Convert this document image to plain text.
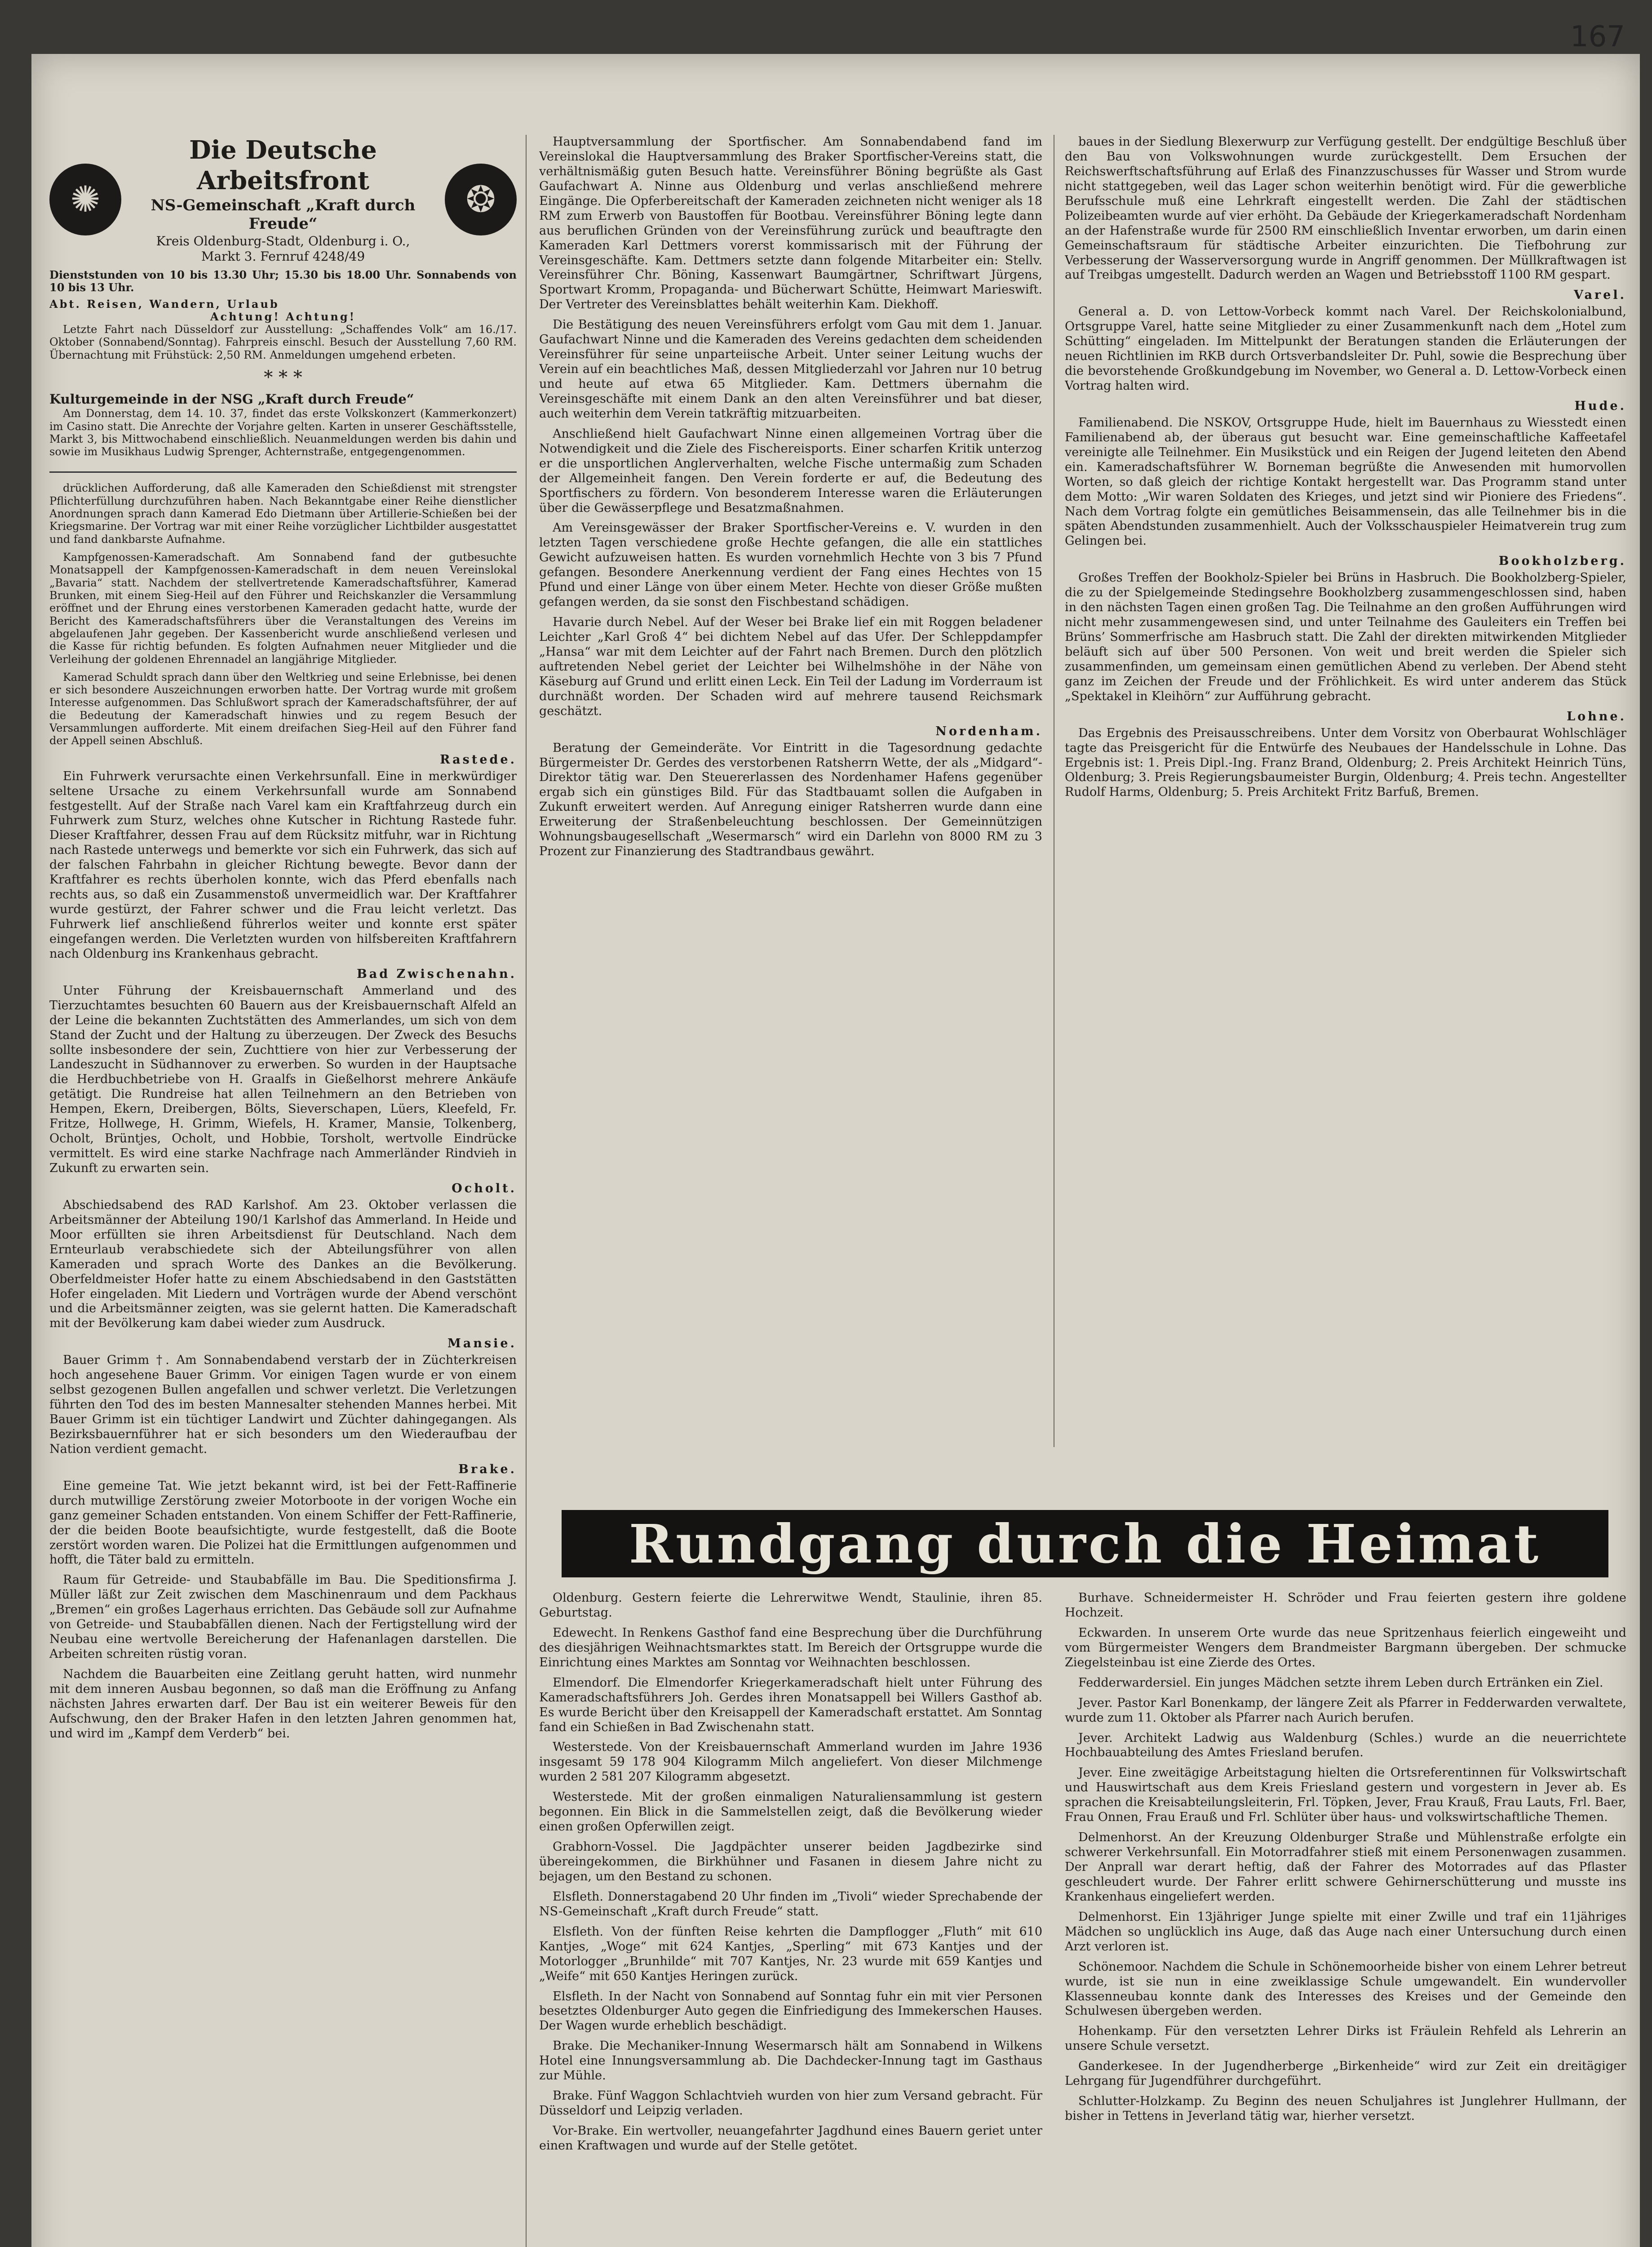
167
✺
Die Deutsche Arbeitsfront
NS-Gemeinschaft „Kraft durch Freude“
Kreis Oldenburg-Stadt, Oldenburg i. O.,
Markt 3. Fernruf 4248/49
❂
Dienststunden von 10 bis 13.30 Uhr; 15.30 bis 18.00 Uhr. Sonnabends von 10 bis 13 Uhr.
Abt. Reisen, Wandern, Urlaub
Achtung! Achtung!

Letzte Fahrt nach Düsseldorf zur Ausstellung: „Schaffendes Volk“ am 16./17. Oktober (Sonnabend/Sonntag). Fahrpreis einschl. Besuch der Ausstellung 7,60 RM. Übernachtung mit Frühstück: 2,50 RM. Anmeldungen umgehend erbeten.

* * *
Kulturgemeinde in der NSG „Kraft durch Freude“

Am Donnerstag, dem 14. 10. 37, findet das erste Volkskonzert (Kammerkonzert) im Casino statt. Die Anrechte der Vorjahre gelten. Karten in unserer Geschäftsstelle, Markt 3, bis Mittwochabend einschließlich. Neuanmeldungen werden bis dahin und sowie im Musikhaus Ludwig Sprenger, Achternstraße, entgegengenommen.

drücklichen Aufforderung, daß alle Kameraden den Schießdienst mit strengster Pflichterfüllung durchzuführen haben. Nach Bekanntgabe einer Reihe dienstlicher Anordnungen sprach dann Kamerad Edo Dietmann über Artillerie-Schießen bei der Kriegsmarine. Der Vortrag war mit einer Reihe vorzüglicher Lichtbilder ausgestattet und fand dankbarste Aufnahme.

Kampfgenossen-Kameradschaft. Am Sonnabend fand der gutbesuchte Monatsappell der Kampfgenossen-Kameradschaft in dem neuen Vereinslokal „Bavaria“ statt. Nachdem der stellvertretende Kameradschaftsführer, Kamerad Brunken, mit einem Sieg-Heil auf den Führer und Reichskanzler die Versammlung eröffnet und der Ehrung eines verstorbenen Kameraden gedacht hatte, wurde der Bericht des Kameradschaftsführers über die Veranstaltungen des Vereins im abgelaufenen Jahr gegeben. Der Kassenbericht wurde anschließend verlesen und die Kasse für richtig befunden. Es folgten Aufnahmen neuer Mitglieder und die Verleihung der goldenen Ehrennadel an langjährige Mitglieder.

Kamerad Schuldt sprach dann über den Weltkrieg und seine Erlebnisse, bei denen er sich besondere Auszeichnungen erworben hatte. Der Vortrag wurde mit großem Interesse aufgenommen. Das Schlußwort sprach der Kameradschaftsführer, der auf die Bedeutung der Kameradschaft hinwies und zu regem Besuch der Versammlungen aufforderte. Mit einem dreifachen Sieg-Heil auf den Führer fand der Appell seinen Abschluß.

Rastede.

Ein Fuhrwerk verursachte einen Verkehrsunfall. Eine in merkwürdiger seltene Ursache zu einem Verkehrsunfall wurde am Sonnabend festgestellt. Auf der Straße nach Varel kam ein Kraftfahrzeug durch ein Fuhrwerk zum Sturz, welches ohne Kutscher in Richtung Rastede fuhr. Dieser Kraftfahrer, dessen Frau auf dem Rücksitz mitfuhr, war in Richtung nach Rastede unterwegs und bemerkte vor sich ein Fuhrwerk, das sich auf der falschen Fahrbahn in gleicher Richtung bewegte. Bevor dann der Kraftfahrer es rechts überholen konnte, wich das Pferd ebenfalls nach rechts aus, so daß ein Zusammenstoß unvermeidlich war. Der Kraftfahrer wurde gestürzt, der Fahrer schwer und die Frau leicht verletzt. Das Fuhrwerk lief anschließend führerlos weiter und konnte erst später eingefangen werden. Die Verletzten wurden von hilfsbereiten Kraftfahrern nach Oldenburg ins Krankenhaus gebracht.

Bad Zwischenahn.

Unter Führung der Kreisbauernschaft Ammerland und des Tierzuchtamtes besuchten 60 Bauern aus der Kreisbauernschaft Alfeld an der Leine die bekannten Zuchtstätten des Ammerlandes, um sich von dem Stand der Zucht und der Haltung zu überzeugen. Der Zweck des Besuchs sollte insbesondere der sein, Zuchttiere von hier zur Verbesserung der Landeszucht in Südhannover zu erwerben. So wurden in der Hauptsache die Herdbuchbetriebe von H. Graalfs in Gießelhorst mehrere Ankäufe getätigt. Die Rundreise hat allen Teilnehmern an den Betrieben von Hempen, Ekern, Dreibergen, Bölts, Sieverschapen, Lüers, Kleefeld, Fr. Fritze, Hollwege, H. Grimm, Wiefels, H. Kramer, Mansie, Tolkenberg, Ocholt, Brüntjes, Ocholt, und Hobbie, Torsholt, wertvolle Eindrücke vermittelt. Es wird eine starke Nachfrage nach Ammerländer Rindvieh in Zukunft zu erwarten sein.

Ocholt.

Abschiedsabend des RAD Karlshof. Am 23. Oktober verlassen die Arbeitsmänner der Abteilung 190/1 Karlshof das Ammerland. In Heide und Moor erfüllten sie ihren Arbeitsdienst für Deutschland. Nach dem Ernteurlaub verabschiedete sich der Abteilungsführer von allen Kameraden und sprach Worte des Dankes an die Bevölkerung. Oberfeldmeister Hofer hatte zu einem Abschiedsabend in den Gaststätten Hofer eingeladen. Mit Liedern und Vorträgen wurde der Abend verschönt und die Arbeitsmänner zeigten, was sie gelernt hatten. Die Kameradschaft mit der Bevölkerung kam dabei wieder zum Ausdruck.

Mansie.

Bauer Grimm †. Am Sonnabendabend verstarb der in Züchterkreisen hoch angesehene Bauer Grimm. Vor einigen Tagen wurde er von einem selbst gezogenen Bullen angefallen und schwer verletzt. Die Verletzungen führten den Tod des im besten Mannesalter stehenden Mannes herbei. Mit Bauer Grimm ist ein tüchtiger Landwirt und Züchter dahingegangen. Als Bezirksbauernführer hat er sich besonders um den Wiederaufbau der Nation verdient gemacht.

Brake.

Eine gemeine Tat. Wie jetzt bekannt wird, ist bei der Fett-Raffinerie durch mutwillige Zerstörung zweier Motorboote in der vorigen Woche ein ganz gemeiner Schaden entstanden. Von einem Schiffer der Fett-Raffinerie, der die beiden Boote beaufsichtigte, wurde festgestellt, daß die Boote zerstört worden waren. Die Polizei hat die Ermittlungen aufgenommen und hofft, die Täter bald zu ermitteln.

Raum für Getreide- und Staubabfälle im Bau. Die Speditionsfirma J. Müller läßt zur Zeit zwischen dem Maschinenraum und dem Packhaus „Bremen“ ein großes Lagerhaus errichten. Das Gebäude soll zur Aufnahme von Getreide- und Staubabfällen dienen. Nach der Fertigstellung wird der Neubau eine wertvolle Bereicherung der Hafenanlagen darstellen. Die Arbeiten schreiten rüstig voran.

Nachdem die Bauarbeiten eine Zeitlang geruht hatten, wird nunmehr mit dem inneren Ausbau begonnen, so daß man die Eröffnung zu Anfang nächsten Jahres erwarten darf. Der Bau ist ein weiterer Beweis für den Aufschwung, den der Braker Hafen in den letzten Jahren genommen hat, und wird im „Kampf dem Verderb“ bei.

Hauptversammlung der Sportfischer. Am Sonnabendabend fand im Vereinslokal die Hauptversammlung des Braker Sportfischer-Vereins statt, die verhältnismäßig guten Besuch hatte. Vereinsführer Böning begrüßte als Gast Gaufachwart A. Ninne aus Oldenburg und verlas anschließend mehrere Eingänge. Die Opferbereitschaft der Kameraden zeichneten nicht weniger als 18 RM zum Erwerb von Baustoffen für Bootbau. Vereinsführer Böning legte dann aus beruflichen Gründen von der Vereinsführung zurück und beauftragte den Kameraden Karl Dettmers vorerst kommissarisch mit der Führung der Vereinsgeschäfte. Kam. Dettmers setzte dann folgende Mitarbeiter ein: Stellv. Vereinsführer Chr. Böning, Kassenwart Baumgärtner, Schriftwart Jürgens, Sportwart Kromm, Propaganda- und Bücherwart Schütte, Heimwart Marieswift. Der Vertreter des Vereinsblattes behält weiterhin Kam. Diekhoff.

Die Bestätigung des neuen Vereinsführers erfolgt vom Gau mit dem 1. Januar. Gaufachwart Ninne und die Kameraden des Vereins gedachten dem scheidenden Vereinsführer für seine unparteiische Arbeit. Unter seiner Leitung wuchs der Verein auf ein beachtliches Maß, dessen Mitgliederzahl vor Jahren nur 10 betrug und heute auf etwa 65 Mitglieder. Kam. Dettmers übernahm die Vereinsgeschäfte mit einem Dank an den alten Vereinsführer und bat dieser, auch weiterhin dem Verein tatkräftig mitzuarbeiten.

Anschließend hielt Gaufachwart Ninne einen allgemeinen Vortrag über die Notwendigkeit und die Ziele des Fischereisports. Einer scharfen Kritik unterzog er die unsportlichen Anglerverhalten, welche Fische untermaßig zum Schaden der Allgemeinheit fangen. Den Verein forderte er auf, die Bedeutung des Sportfischers zu fördern. Von besonderem Interesse waren die Erläuterungen über die Gewässerpflege und Besatzmaßnahmen.

Am Vereinsgewässer der Braker Sportfischer-Vereins e. V. wurden in den letzten Tagen verschiedene große Hechte gefangen, die alle ein stattliches Gewicht aufzuweisen hatten. Es wurden vornehmlich Hechte von 3 bis 7 Pfund gefangen. Besondere Anerkennung verdient der Fang eines Hechtes von 15 Pfund und einer Länge von über einem Meter. Hechte von dieser Größe mußten gefangen werden, da sie sonst den Fischbestand schädigen.

Havarie durch Nebel. Auf der Weser bei Brake lief ein mit Roggen beladener Leichter „Karl Groß 4“ bei dichtem Nebel auf das Ufer. Der Schleppdampfer „Hansa“ war mit dem Leichter auf der Fahrt nach Bremen. Durch den plötzlich auftretenden Nebel geriet der Leichter bei Wilhelmshöhe in der Nähe von Käseburg auf Grund und erlitt einen Leck. Ein Teil der Ladung im Vorderraum ist durchnäßt worden. Der Schaden wird auf mehrere tausend Reichsmark geschätzt.

Nordenham.

Beratung der Gemeinderäte. Vor Eintritt in die Tagesordnung gedachte Bürgermeister Dr. Gerdes des verstorbenen Ratsherrn Wette, der als „Midgard“-Direktor tätig war. Den Steuererlassen des Nordenhamer Hafens gegenüber ergab sich ein günstiges Bild. Für das Stadtbauamt sollen die Aufgaben in Zukunft erweitert werden. Auf Anregung einiger Ratsherren wurde dann eine Erweiterung der Straßenbeleuchtung beschlossen. Der Gemeinnützigen Wohnungsbaugesellschaft „Wesermarsch“ wird ein Darlehn von 8000 RM zu 3 Prozent zur Finanzierung des Stadtrandbaus gewährt.

baues in der Siedlung Blexerwurp zur Verfügung gestellt. Der endgültige Beschluß über den Bau von Volkswohnungen wurde zurückgestellt. Dem Ersuchen der Reichswerftschaftsführung auf Erlaß des Finanzzuschusses für Wasser und Strom wurde nicht stattgegeben, weil das Lager schon weiterhin benötigt wird. Für die gewerbliche Berufsschule muß eine Lehrkraft eingestellt werden. Die Zahl der städtischen Polizeibeamten wurde auf vier erhöht. Da Gebäude der Kriegerkameradschaft Nordenham an der Hafenstraße wurde für 2500 RM einschließlich Inventar erworben, um darin einen Gemeinschaftsraum für städtische Arbeiter einzurichten. Die Tiefbohrung zur Verbesserung der Wasserversorgung wurde in Angriff genommen. Der Müllkraftwagen ist auf Treibgas umgestellt. Dadurch werden an Wagen und Betriebsstoff 1100 RM gespart.

Varel.

General a. D. von Lettow-Vorbeck kommt nach Varel. Der Reichskolonialbund, Ortsgruppe Varel, hatte seine Mitglieder zu einer Zusammenkunft nach dem „Hotel zum Schütting“ eingeladen. Im Mittelpunkt der Beratungen standen die Erläuterungen der neuen Richtlinien im RKB durch Ortsverbandsleiter Dr. Puhl, sowie die Besprechung über die bevorstehende Großkundgebung im November, wo General a. D. Lettow-Vorbeck einen Vortrag halten wird.

Hude.

Familienabend. Die NSKOV, Ortsgruppe Hude, hielt im Bauernhaus zu Wiesstedt einen Familienabend ab, der überaus gut besucht war. Eine gemeinschaftliche Kaffeetafel vereinigte alle Teilnehmer. Ein Musikstück und ein Reigen der Jugend leiteten den Abend ein. Kameradschaftsführer W. Borneman begrüßte die Anwesenden mit humorvollen Worten, so daß gleich der richtige Kontakt hergestellt war. Das Programm stand unter dem Motto: „Wir waren Soldaten des Krieges, und jetzt sind wir Pioniere des Friedens“. Nach dem Vortrag folgte ein gemütliches Beisammensein, das alle Teilnehmer bis in die späten Abendstunden zusammenhielt. Auch der Volksschauspieler Heimatverein trug zum Gelingen bei.

Bookholzberg.

Großes Treffen der Bookholz-Spieler bei Brüns in Hasbruch. Die Bookholzberg-Spieler, die zu der Spielgemeinde Stedingsehre Bookholzberg zusammengeschlossen sind, haben in den nächsten Tagen einen großen Tag. Die Teilnahme an den großen Aufführungen wird nicht mehr zusammengewesen sind, und unter Teilnahme des Gauleiters ein Treffen bei Brüns’ Sommerfrische am Hasbruch statt. Die Zahl der direkten mitwirkenden Mitglieder beläuft sich auf über 500 Personen. Von weit und breit werden die Spieler sich zusammenfinden, um gemeinsam einen gemütlichen Abend zu verleben. Der Abend steht ganz im Zeichen der Freude und der Fröhlichkeit. Es wird unter anderem das Stück „Spektakel in Kleihörn“ zur Aufführung gebracht.

Lohne.

Das Ergebnis des Preisausschreibens. Unter dem Vorsitz von Oberbaurat Wohlschläger tagte das Preisgericht für die Entwürfe des Neubaues der Handelsschule in Lohne. Das Ergebnis ist: 1. Preis Dipl.-Ing. Franz Brand, Oldenburg; 2. Preis Architekt Heinrich Tüns, Oldenburg; 3. Preis Regierungsbaumeister Burgin, Oldenburg; 4. Preis techn. Angestellter Rudolf Harms, Oldenburg; 5. Preis Architekt Fritz Barfuß, Bremen.

Rundgang durch die Heimat

Oldenburg. Gestern feierte die Lehrerwitwe Wendt, Staulinie, ihren 85. Geburtstag.

Edewecht. In Renkens Gasthof fand eine Besprechung über die Durchführung des diesjährigen Weihnachtsmarktes statt. Im Bereich der Ortsgruppe wurde die Einrichtung eines Marktes am Sonntag vor Weihnachten beschlossen.

Elmendorf. Die Elmendorfer Kriegerkameradschaft hielt unter Führung des Kameradschaftsführers Joh. Gerdes ihren Monatsappell bei Willers Gasthof ab. Es wurde Bericht über den Kreisappell der Kameradschaft erstattet. Am Sonntag fand ein Schießen in Bad Zwischenahn statt.

Westerstede. Von der Kreisbauernschaft Ammerland wurden im Jahre 1936 insgesamt 59 178 904 Kilogramm Milch angeliefert. Von dieser Milchmenge wurden 2 581 207 Kilogramm abgesetzt.

Westerstede. Mit der großen einmaligen Naturaliensammlung ist gestern begonnen. Ein Blick in die Sammelstellen zeigt, daß die Bevölkerung wieder einen großen Opferwillen zeigt.

Grabhorn-Vossel. Die Jagdpächter unserer beiden Jagdbezirke sind übereingekommen, die Birkhühner und Fasanen in diesem Jahre nicht zu bejagen, um den Bestand zu schonen.

Elsfleth. Donnerstagabend 20 Uhr finden im „Tivoli“ wieder Sprechabende der NS-Gemeinschaft „Kraft durch Freude“ statt.

Elsfleth. Von der fünften Reise kehrten die Dampflogger „Fluth“ mit 610 Kantjes, „Woge“ mit 624 Kantjes, „Sperling“ mit 673 Kantjes und der Motorlogger „Brunhilde“ mit 707 Kantjes, Nr. 23 wurde mit 659 Kantjes und „Weife“ mit 650 Kantjes Heringen zurück.

Elsfleth. In der Nacht von Sonnabend auf Sonntag fuhr ein mit vier Personen besetztes Oldenburger Auto gegen die Einfriedigung des Immekerschen Hauses. Der Wagen wurde erheblich beschädigt.

Brake. Die Mechaniker-Innung Wesermarsch hält am Sonnabend in Wilkens Hotel eine Innungsversammlung ab. Die Dachdecker-Innung tagt im Gasthaus zur Mühle.

Brake. Fünf Waggon Schlachtvieh wurden von hier zum Versand gebracht. Für Düsseldorf und Leipzig verladen.

Vor-Brake. Ein wertvoller, neuangefahrter Jagdhund eines Bauern geriet unter einen Kraftwagen und wurde auf der Stelle getötet.

Burhave. Schneidermeister H. Schröder und Frau feierten gestern ihre goldene Hochzeit.

Eckwarden. In unserem Orte wurde das neue Spritzenhaus feierlich eingeweiht und vom Bürgermeister Wengers dem Brandmeister Bargmann übergeben. Der schmucke Ziegelsteinbau ist eine Zierde des Ortes.

Fedderwardersiel. Ein junges Mädchen setzte ihrem Leben durch Ertränken ein Ziel.

Jever. Pastor Karl Bonenkamp, der längere Zeit als Pfarrer in Fedderwarden verwaltete, wurde zum 11. Oktober als Pfarrer nach Aurich berufen.

Jever. Architekt Ladwig aus Waldenburg (Schles.) wurde an die neuerrichtete Hochbauabteilung des Amtes Friesland berufen.

Jever. Eine zweitägige Arbeitstagung hielten die Ortsreferentinnen für Volkswirtschaft und Hauswirtschaft aus dem Kreis Friesland gestern und vorgestern in Jever ab. Es sprachen die Kreisabteilungsleiterin, Frl. Töpken, Jever, Frau Krauß, Frau Lauts, Frl. Baer, Frau Onnen, Frau Erauß und Frl. Schlüter über haus- und volkswirtschaftliche Themen.

Delmenhorst. An der Kreuzung Oldenburger Straße und Mühlenstraße erfolgte ein schwerer Verkehrsunfall. Ein Motorradfahrer stieß mit einem Personenwagen zusammen. Der Anprall war derart heftig, daß der Fahrer des Motorrades auf das Pflaster geschleudert wurde. Der Fahrer erlitt schwere Gehirnerschütterung und musste ins Krankenhaus eingeliefert werden.

Delmenhorst. Ein 13jähriger Junge spielte mit einer Zwille und traf ein 11jähriges Mädchen so unglücklich ins Auge, daß das Auge nach einer Untersuchung durch einen Arzt verloren ist.

Schönemoor. Nachdem die Schule in Schönemoorheide bisher von einem Lehrer betreut wurde, ist sie nun in eine zweiklassige Schule umgewandelt. Ein wundervoller Klassenneubau konnte dank des Interesses des Kreises und der Gemeinde den Schulwesen übergeben werden.

Hohenkamp. Für den versetzten Lehrer Dirks ist Fräulein Rehfeld als Lehrerin an unsere Schule versetzt.

Ganderkesee. In der Jugendherberge „Birkenheide“ wird zur Zeit ein dreitägiger Lehrgang für Jugendführer durchgeführt.

Schlutter-Holzkamp. Zu Beginn des neuen Schuljahres ist Junglehrer Hullmann, der bisher in Tettens in Jeverland tätig war, hierher versetzt.
